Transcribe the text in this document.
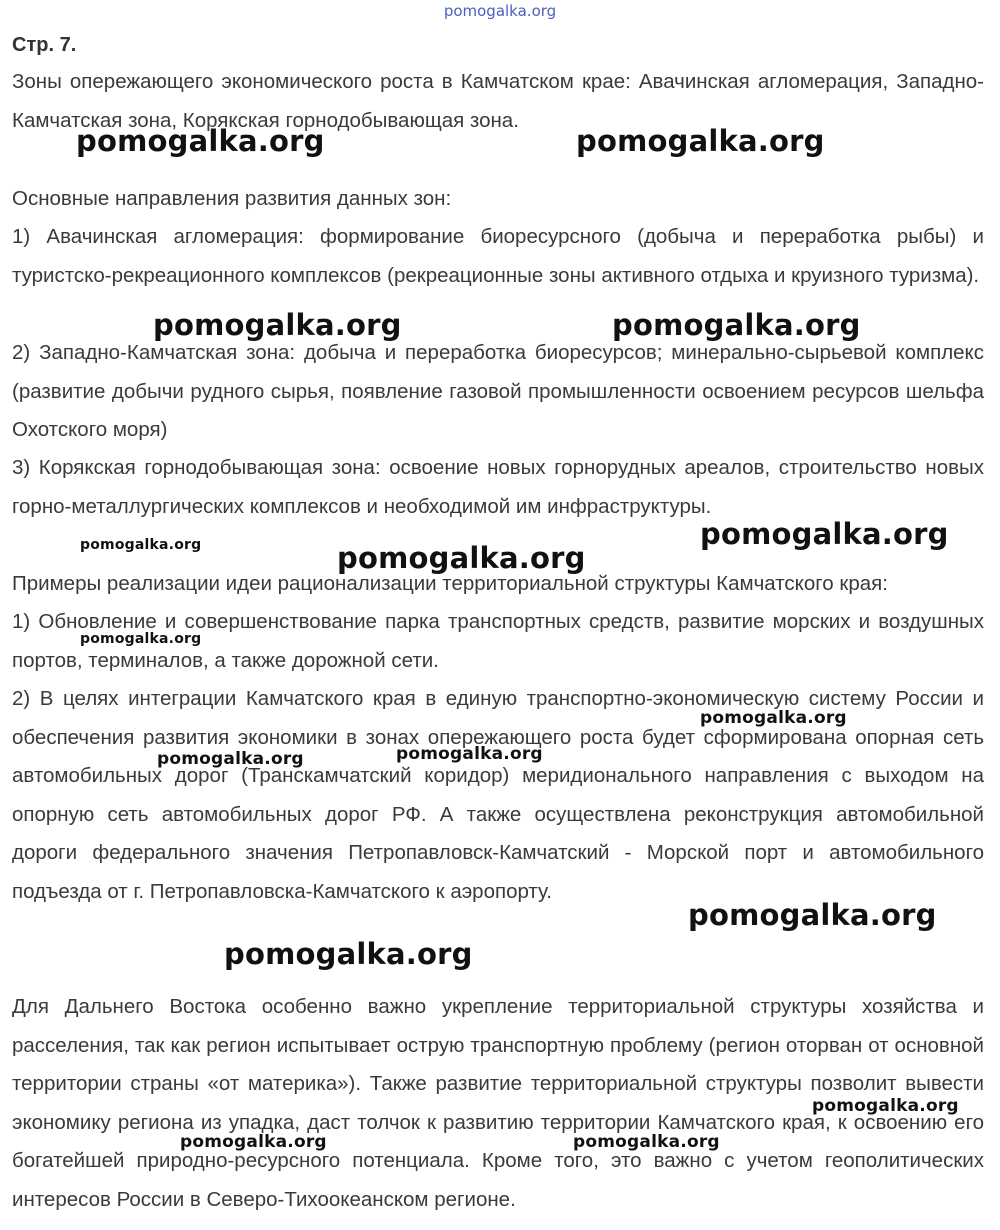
pomogalka.org
Стр. 7.

Зоны опережающего экономического роста в Камчатском крае: Авачинская агломерация, Западно-Камчатская зона, Корякская горнодобывающая зона.

Основные направления развития данных зон:

1) Авачинская агломерация: формирование биоресурсного (добыча и переработка рыбы) и туристско-рекреационного комплексов (рекреационные зоны активного отдыха и круизного туризма).

2) Западно-Камчатская зона: добыча и переработка биоресурсов; минерально-сырьевой комплекс (развитие добычи рудного сырья, появление газовой промышленности освоением ресурсов шельфа Охотского моря)

3) Корякская горнодобывающая зона: освоение новых горнорудных ареалов, строительство новых горно-металлургических комплексов и необходимой им инфраструктуры.

Примеры реализации идеи рационализации территориальной структуры Камчатского края:

1) Обновление и совершенствование парка транспортных средств, развитие морских и воздушных портов, терминалов, а также дорожной сети.

2) В целях интеграции Камчатского края в единую транспортно-экономическую систему России и обеспечения развития экономики в зонах опережающего роста будет сформирована опорная сеть автомобильных дорог (Транскамчатский коридор) меридионального направления с выходом на опорную сеть автомобильных дорог РФ. А также осуществлена реконструкция автомобильной дороги федерального значения Петропавловск-Камчатский - Морской порт и автомобильного подъезда от г. Петропавловска-Камчатского к аэропорту.

Для Дальнего Востока особенно важно укрепление территориальной структуры хозяйства и расселения, так как регион испытывает острую транспортную проблему (регион оторван от основной территории страны «от материка»). Также развитие территориальной структуры позволит вывести экономику региона из упадка, даст толчок к развитию территории Камчатского края, к освоению его богатейшей природно-ресурсного потенциала. Кроме того, это важно с учетом геополитических интересов России в Северо-Тихоокеанском регионе.

pomogalka.org	pomogalka.org
pomogalka.org	pomogalka.org
pomogalka.org	pomogalka.org
pomogalka.org
pomogalka.org
pomogalka.org
pomogalka.org
pomogalka.org
pomogalka.org
pomogalka.org
pomogalka.org
pomogalka.org	pomogalka.org
